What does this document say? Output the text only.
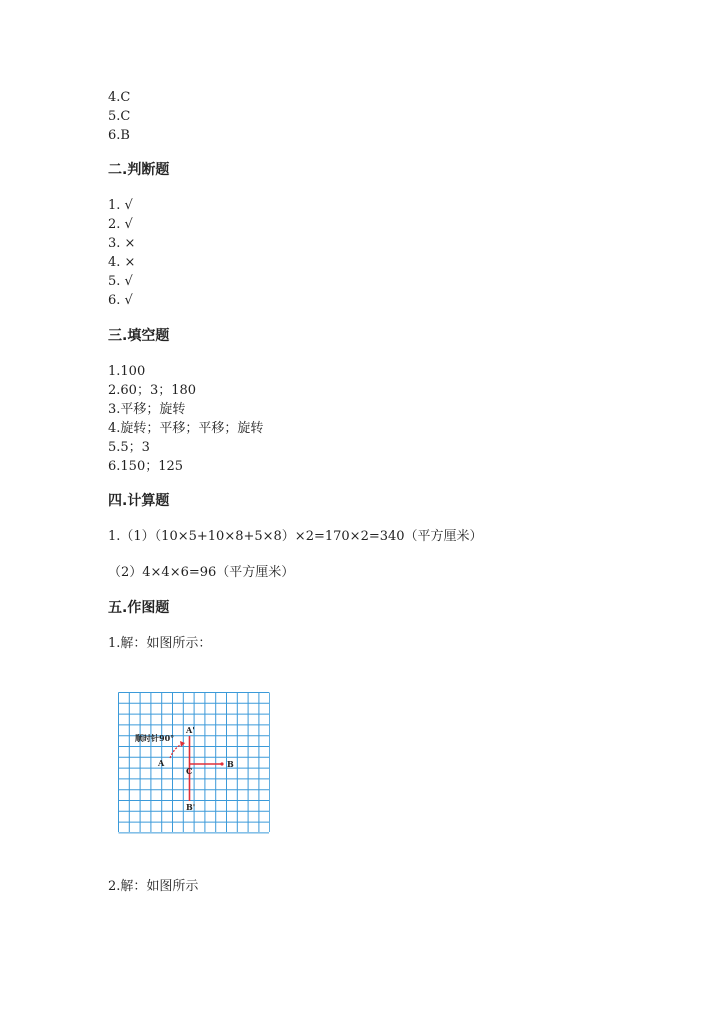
4.C
5.C
6.B
二.判断题
1. √
2. √
3. ×
4. ×
5. √
6. √
三.填空题
1.100
2.60；3；180
3.平移；旋转
4.旋转；平移；平移；旋转
5.5；3
6.150；125
四.计算题
1.（1）（10×5+10×8+5×8）×2=170×2=340（平方厘米）
（2）4×4×6=96（平方厘米）
五.作图题
1.解：如图所示：
顺时针90°
A'
A	B
C
B'
2.解：如图所示
